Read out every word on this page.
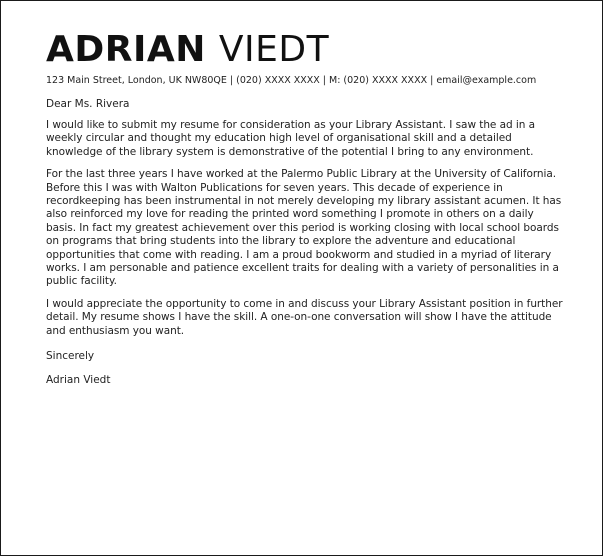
ADRIAN VIEDT
123 Main Street, London, UK NW80QE | (020) XXXX XXXX | M: (020) XXXX XXXX | email@example.com
Dear Ms. Rivera
I would like to submit my resume for consideration as your Library Assistant. I saw the ad in a weekly circular and thought my education high level of organisational skill and a detailed knowledge of the library system is demonstrative of the potential I bring to any environment.
For the last three years I have worked at the Palermo Public Library at the University of California. Before this I was with Walton Publications for seven years. This decade of experience in recordkeeping has been instrumental in not merely developing my library assistant acumen. It has also reinforced my love for reading the printed word something I promote in others on a daily basis. In fact my greatest achievement over this period is working closing with local school boards on programs that bring students into the library to explore the adventure and educational opportunities that come with reading. I am a proud bookworm and studied in a myriad of literary works. I am personable and patience excellent traits for dealing with a variety of personalities in a public facility.
I would appreciate the opportunity to come in and discuss your Library Assistant position in further detail. My resume shows I have the skill. A one-on-one conversation will show I have the attitude and enthusiasm you want.
Sincerely
Adrian Viedt
